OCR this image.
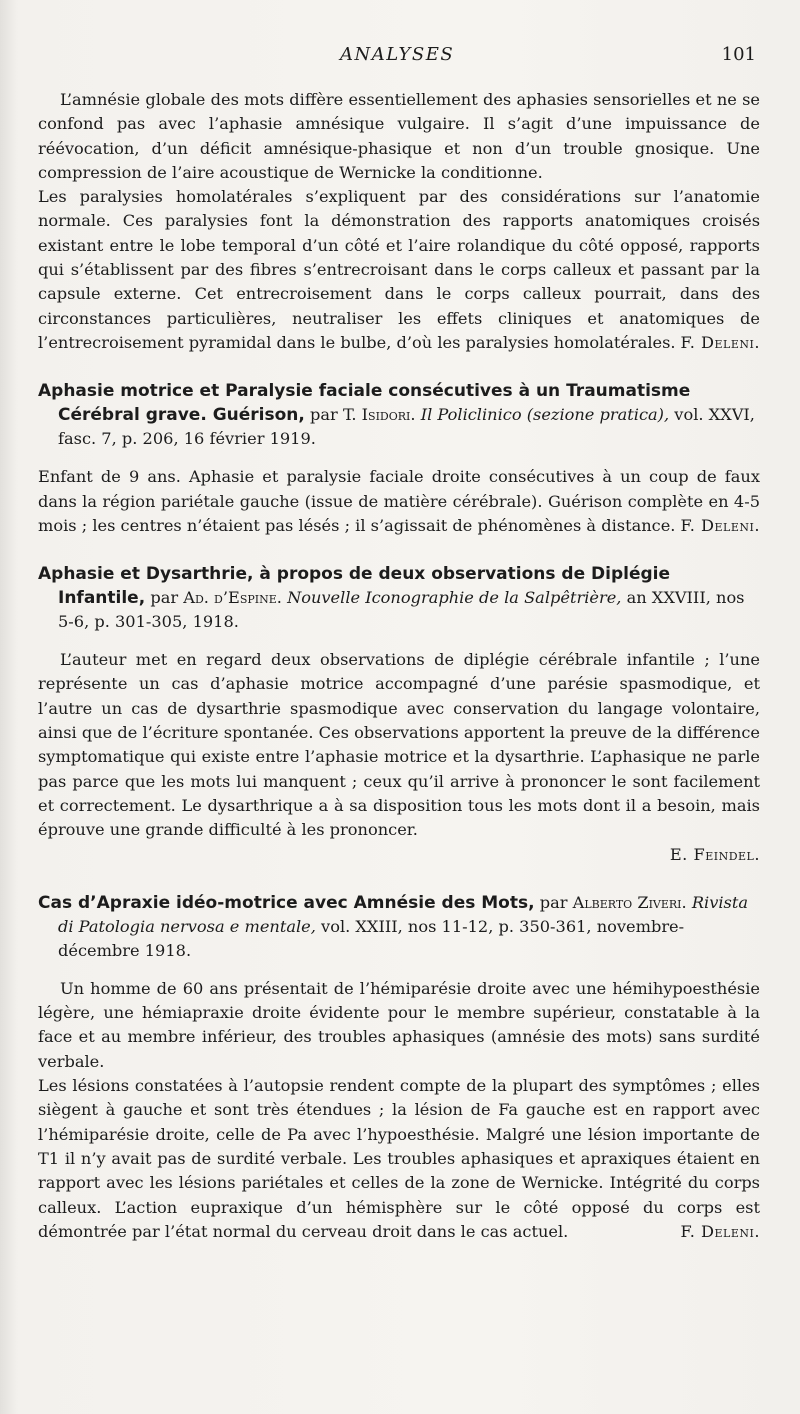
ANALYSES	101

L’amnésie globale des mots diffère essentiellement des aphasies sensorielles et ne se confond pas avec l’aphasie amnésique vulgaire. Il s’agit d’une impuissance de réévocation, d’un déficit amnésique-phasique et non d’un trouble gnosique. Une compression de l’aire acoustique de Wernicke la conditionne.

Les paralysies homolatérales s’expliquent par des considérations sur l’anatomie normale. Ces paralysies font la démonstration des rapports anatomiques croisés existant entre le lobe temporal d’un côté et l’aire rolandique du côté opposé, rapports qui s’établissent par des fibres s’entrecroisant dans le corps calleux et passant par la capsule externe. Cet entrecroisement dans le corps calleux pourrait, dans des circonstances particulières, neutraliser les effets cliniques et anatomiques de l’entrecroisement pyramidal dans le bulbe, d’où les paralysies homolatérales. F. Deleni.
Aphasie motrice et Paralysie faciale consécutives à un Traumatisme Cérébral grave. Guérison, par T. Isidori. Il Policlinico (sezione pratica), vol. XXVI, fasc. 7, p. 206, 16 février 1919.

Enfant de 9 ans. Aphasie et paralysie faciale droite consécutives à un coup de faux dans la région pariétale gauche (issue de matière cérébrale). Guérison complète en 4-5 mois ; les centres n’étaient pas lésés ; il s’agissait de phénomènes à distance. F. Deleni.
Aphasie et Dysarthrie, à propos de deux observations de Diplégie Infantile, par Ad. d’Espine. Nouvelle Iconographie de la Salpêtrière, an XXVIII, nos 5-6, p. 301-305, 1918.

L’auteur met en regard deux observations de diplégie cérébrale infantile ; l’une représente un cas d’aphasie motrice accompagné d’une parésie spasmodique, et l’autre un cas de dysarthrie spasmodique avec conservation du langage volontaire, ainsi que de l’écriture spontanée. Ces observations apportent la preuve de la différence symptomatique qui existe entre l’aphasie motrice et la dysarthrie. L’aphasique ne parle pas parce que les mots lui manquent ; ceux qu’il arrive à prononcer le sont facilement et correctement. Le dysarthrique a à sa disposition tous les mots dont il a besoin, mais éprouve une grande difficulté à les prononcer.

E. Feindel.
Cas d’Apraxie idéo-motrice avec Amnésie des Mots, par Alberto Ziveri. Rivista di Patologia nervosa e mentale, vol. XXIII, nos 11-12, p. 350-361, novembre-décembre 1918.

Un homme de 60 ans présentait de l’hémiparésie droite avec une hémihypoesthésie légère, une hémiapraxie droite évidente pour le membre supérieur, constatable à la face et au membre inférieur, des troubles aphasiques (amnésie des mots) sans surdité verbale.

Les lésions constatées à l’autopsie rendent compte de la plupart des symptômes ; elles siègent à gauche et sont très étendues ; la lésion de Fa gauche est en rapport avec l’hémiparésie droite, celle de Pa avec l’hypoesthésie. Malgré une lésion importante de T1 il n’y avait pas de surdité verbale. Les troubles aphasiques et apraxiques étaient en rapport avec les lésions pariétales et celles de la zone de Wernicke. Intégrité du corps calleux. L’action eupraxique d’un hémisphère sur le côté opposé du corps est démontrée par l’état normal du cerveau droit dans le cas actuel.	F. Deleni.
